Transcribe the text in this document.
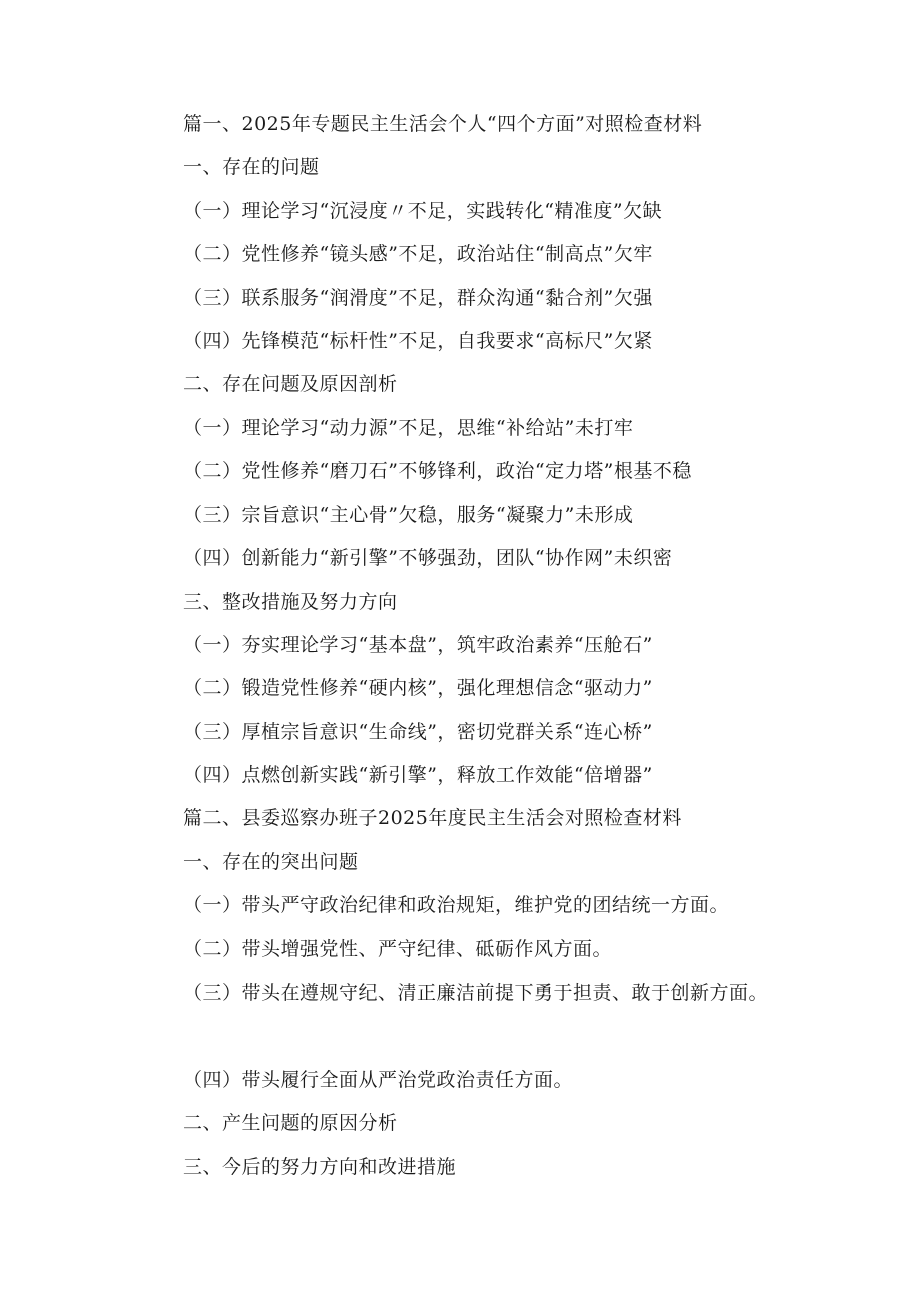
篇一、2025年专题民主生活会个人“四个方面”对照检查材料
一、存在的问题
（一）理论学习“沉浸度〃不足，实践转化“精准度”欠缺
（二）党性修养“镜头感”不足，政治站住“制高点”欠牢
（三）联系服务“润滑度”不足，群众沟通“黏合剂”欠强
（四）先锋模范“标杆性”不足，自我要求“高标尺”欠紧
二、存在问题及原因剖析
（一）理论学习“动力源”不足，思维“补给站”未打牢
（二）党性修养“磨刀石”不够锋利，政治“定力塔”根基不稳
（三）宗旨意识“主心骨”欠稳，服务“凝聚力”未形成
（四）创新能力“新引擎”不够强劲，团队“协作网”未织密
三、整改措施及努力方向
（一）夯实理论学习“基本盘”，筑牢政治素养“压舱石”
（二）锻造党性修养“硬内核”，强化理想信念“驱动力”
（三）厚植宗旨意识“生命线”，密切党群关系“连心桥”
（四）点燃创新实践“新引擎”，释放工作效能“倍增器”
篇二、县委巡察办班子2025年度民主生活会对照检查材料
一、存在的突出问题
（一）带头严守政治纪律和政治规矩，维护党的团结统一方面。
（二）带头增强党性、严守纪律、砥砺作风方面。
（三）带头在遵规守纪、清正廉洁前提下勇于担责、敢于创新方面。
（四）带头履行全面从严治党政治责任方面。
二、产生问题的原因分析
三、今后的努力方向和改进措施
